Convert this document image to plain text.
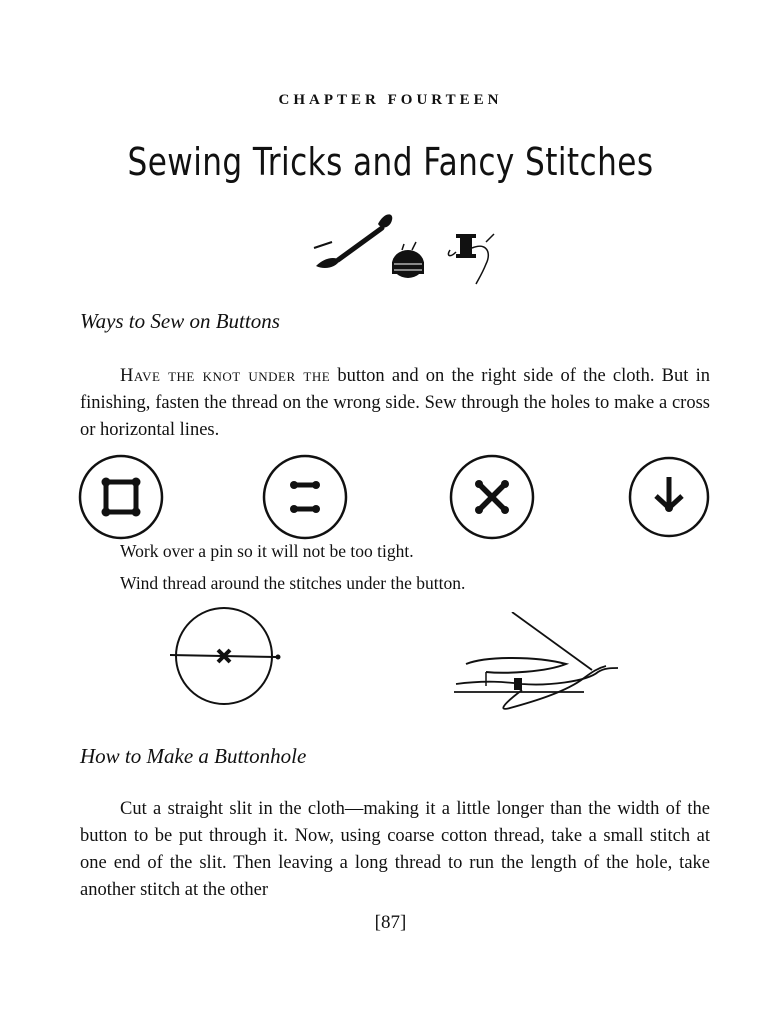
CHAPTER FOURTEEN
Sewing Tricks and Fancy Stitches
Ways to Sew on Buttons
Have the knot under the button and on the right side of the cloth. But in finishing, fasten the thread on the wrong side. Sew through the holes to make a cross or horizontal lines.
Work over a pin so it will not be too tight.
Wind thread around the stitches under the button.
How to Make a Buttonhole
Cut a straight slit in the cloth—making it a little longer than the width of the button to be put through it. Now, using coarse cotton thread, take a small stitch at one end of the slit. Then leaving a long thread to run the length of the hole, take another stitch at the other
[87]
